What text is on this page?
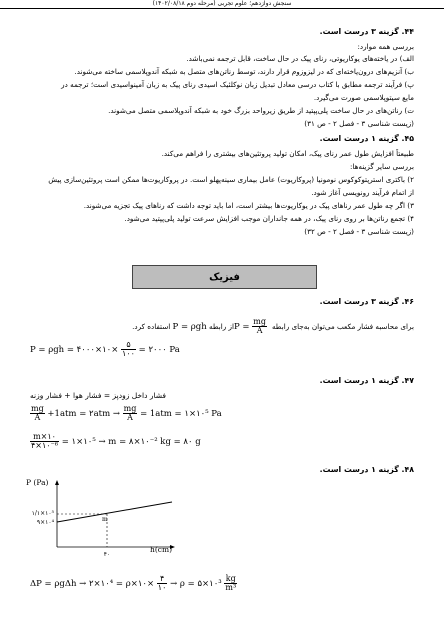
سنجش دوازدهم؛ علوم تجربی (مرحله دوم ۱۴۰۲/۰۸/۱۸)
۴۴. گزینه ۳ درست است.
بررسی همه موارد:
الف) در یاخته‌های یوکاریوتی، رنای پیک در حال ساخت، قابل ترجمه نمی‌باشد.
ب) آنزیم‌های درون‌یاخته‌ای که در لیزوزوم قرار دارند، توسط رناتن‌های متصل به شبکه آندوپلاسمی ساخته می‌شوند.
پ) فرآیند ترجمه مطابق با کتاب درسی معادل تبدیل زبان نوکلئیک اسیدی رنای پیک به زبان آمینواسیدی است؛ ترجمه در
مایع سیتوپلاسمی صورت می‌گیرد.
ت) رناتن‌های در حال ساخت پلی‌پپتید از طریق زیرواحد بزرگ خود به شبکه آندوپلاسمی متصل می‌شوند.
(زیست شناسی ۳ - فصل ۲ - ص ۳۱)
۴۵. گزینه ۱ درست است.
طبیعتاً افزایش طول عمر رنای پیک، امکان تولید پروتئین‌های بیشتری را فراهم می‌کند.
بررسی سایر گزینه‌ها:
۲) باکتری استرپتوکوکوس نومونیا (پروکاریوت) عامل بیماری سینه‌پهلو است. در پروکاریوت‌ها ممکن است پروتئین‌سازی پیش
از اتمام فرآیند رونویسی آغاز شود.
۳) اگر چه طول عمر رناهای پیک در یوکاریوت‌ها بیشتر است، اما باید توجه داشت که رناهای پیک تجزیه می‌شوند.
۴) تجمع رناتن‌ها بر روی رنای پیک، در همه جانداران موجب افزایش سرعت تولید پلی‌پپتید می‌شود.
(زیست شناسی ۳ - فصل ۲ - ص ۳۲)
فیزیک
۴۶. گزینه ۳ درست است.
برای محاسبه فشار مکعب می‌توان به‌جای رابطه $P = \frac{mg}{A}$
از رابطه P = ρgh استفاده کرد.
P = ρgh = ۴۰۰۰×۱۰× $\frac{۵}{۱۰۰}$ = ۲۰۰۰ Pa
۴۷. گزینه ۱ درست است.
فشار داخل زودپز = فشار هوا + فشار وزنه
$\frac{mg}{A} +1atm$ = ۲atm → $\frac{mg}{A} = 1atm$ = ۱×۱۰⁵ Pa
$\frac{m\times ۱۰}{\text{۴×۱۰⁻⁶}}$ = ۱×۱۰⁵ → m = ۸×۱۰⁻² kg = ۸۰ g
۴۸. گزینه ۱ درست است.
۱/۱×۱۰⁵
۹×۱۰⁴
۴۰
m
P (Pa)
h(cm)
ΔP = ρgΔh → ۲×۱۰⁴ = ρ×۱۰× $\frac{۴}{۱۰} \to \rho$ = ۵×۱۰³ $\frac{kg}{\text{m³}}$
